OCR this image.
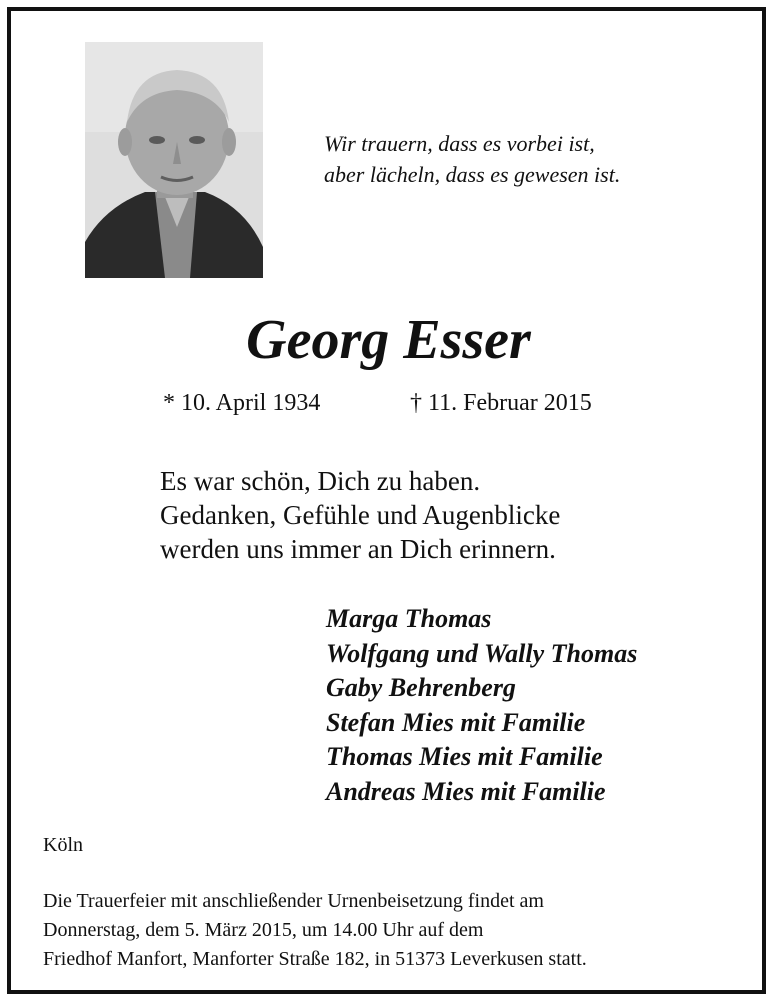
Wir trauern, dass es vorbei ist,
aber lächeln, dass es gewesen ist.
Georg Esser
* 10. April 1934	† 11. Februar 2015
Es war schön, Dich zu haben.
Gedanken, Gefühle und Augenblicke
werden uns immer an Dich erinnern.
Marga Thomas
Wolfgang und Wally Thomas
Gaby Behrenberg
Stefan Mies mit Familie
Thomas Mies mit Familie
Andreas Mies mit Familie
Köln
Die Trauerfeier mit anschließender Urnenbeisetzung findet am
Donnerstag, dem 5. März 2015, um 14.00 Uhr auf dem
Friedhof Manfort, Manforter Straße 182, in 51373 Leverkusen statt.
